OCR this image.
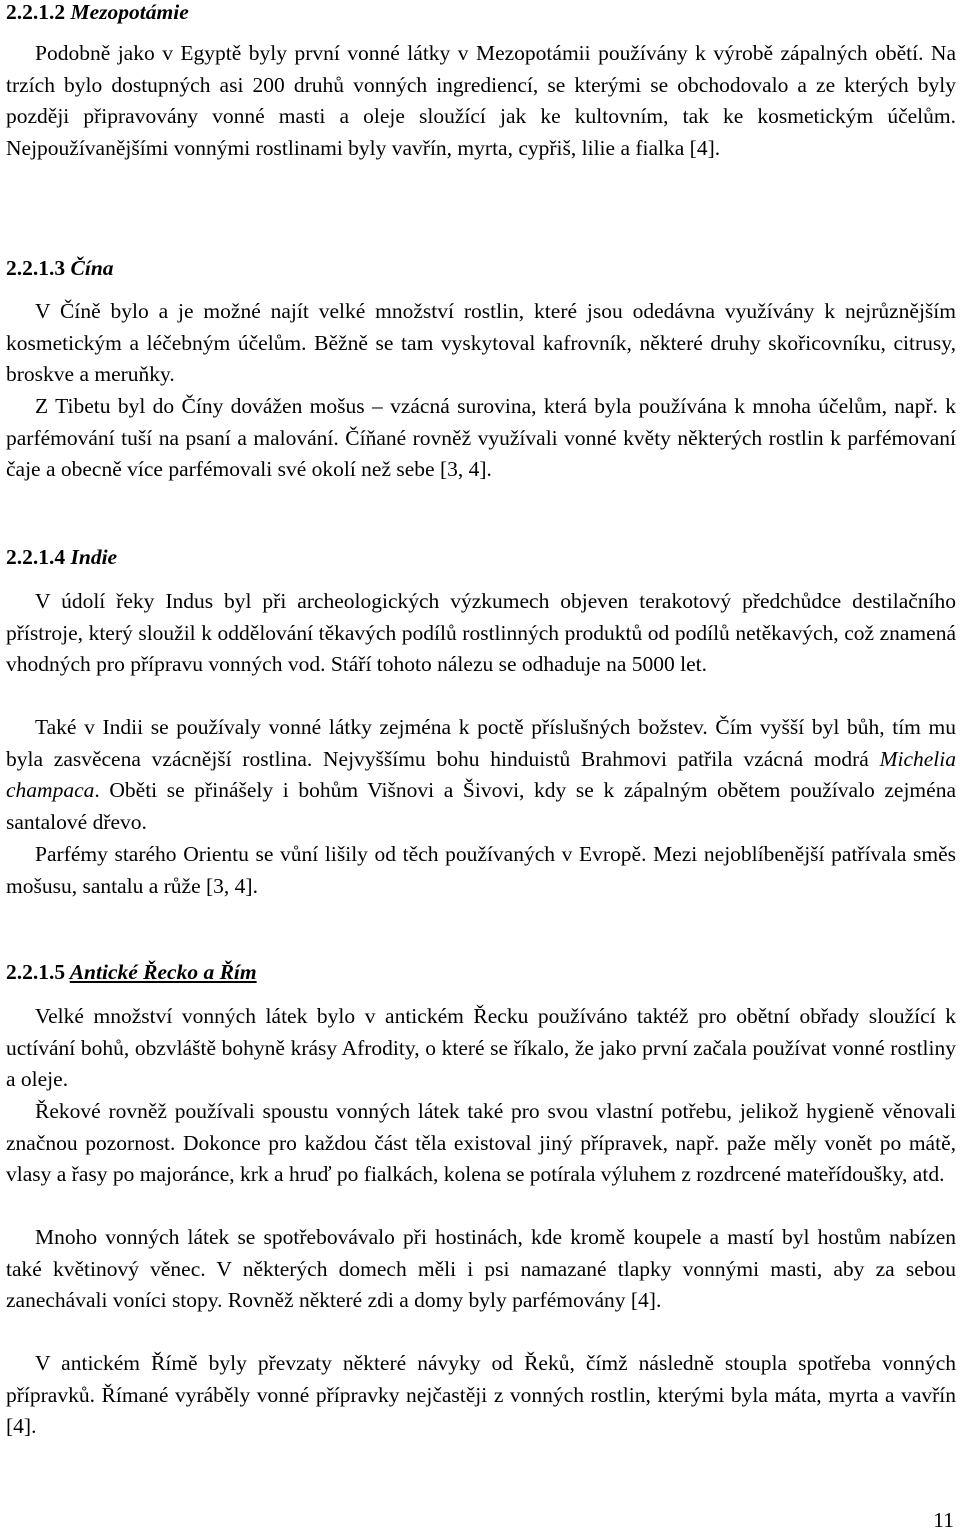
2.2.1.2 Mezopotámie

Podobně jako v Egyptě byly první vonné látky v Mezopotámii používány k výrobě zápalných obětí. Na trzích bylo dostupných asi 200 druhů vonných ingrediencí, se kterými se obchodovalo a ze kterých byly později připravovány vonné masti a oleje sloužící jak ke kultovním, tak ke kosmetickým účelům. Nejpoužívanějšími vonnými rostlinami byly vavřín, myrta, cypřiš, lilie a fialka [4].

2.2.1.3 Čína

V Číně bylo a je možné najít velké množství rostlin, které jsou odedávna využívány k nejrůznějším kosmetickým a léčebným účelům. Běžně se tam vyskytoval kafrovník, některé druhy skořicovníku, citrusy, broskve a meruňky.

Z Tibetu byl do Číny dovážen mošus – vzácná surovina, která byla používána k mnoha účelům, např. k parfémování tuší na psaní a malování. Číňané rovněž využívali vonné květy některých rostlin k parfémovaní čaje a obecně více parfémovali své okolí než sebe [3, 4].

2.2.1.4 Indie

V údolí řeky Indus byl při archeologických výzkumech objeven terakotový předchůdce destilačního přístroje, který sloužil k oddělování těkavých podílů rostlinných produktů od podílů netěkavých, což znamená vhodných pro přípravu vonných vod. Stáří tohoto nálezu se odhaduje na 5000 let.

Také v Indii se používaly vonné látky zejména k poctě příslušných božstev. Čím vyšší byl bůh, tím mu byla zasvěcena vzácnější rostlina. Nejvyššímu bohu hinduistů Brahmovi patřila vzácná modrá Michelia champaca. Oběti se přinášely i bohům Višnovi a Šivovi, kdy se k zápalným obětem používalo zejména santalové dřevo.

Parfémy starého Orientu se vůní lišily od těch používaných v Evropě. Mezi nejoblíbenější patřívala směs mošusu, santalu a růže [3, 4].

2.2.1.5 Antické Řecko a Řím

Velké množství vonných látek bylo v antickém Řecku používáno taktéž pro obětní obřady sloužící k uctívání bohů, obzvláště bohyně krásy Afrodity, o které se říkalo, že jako první začala používat vonné rostliny a oleje.

Řekové rovněž používali spoustu vonných látek také pro svou vlastní potřebu, jelikož hygieně věnovali značnou pozornost. Dokonce pro každou část těla existoval jiný přípravek, např. paže měly vonět po mátě, vlasy a řasy po majoránce, krk a hruď po fialkách, kolena se potírala výluhem z rozdrcené mateřídoušky, atd.

Mnoho vonných látek se spotřebovávalo při hostinách, kde kromě koupele a mastí byl hostům nabízen také květinový věnec. V některých domech měli i psi namazané tlapky vonnými masti, aby za sebou zanechávali voníci stopy. Rovněž některé zdi a domy byly parfémovány [4].

V antickém Římě byly převzaty některé návyky od Řeků, čímž následně stoupla spotřeba vonných přípravků. Římané vyráběly vonné přípravky nejčastěji z vonných rostlin, kterými byla máta, myrta a vavřín [4].

11
